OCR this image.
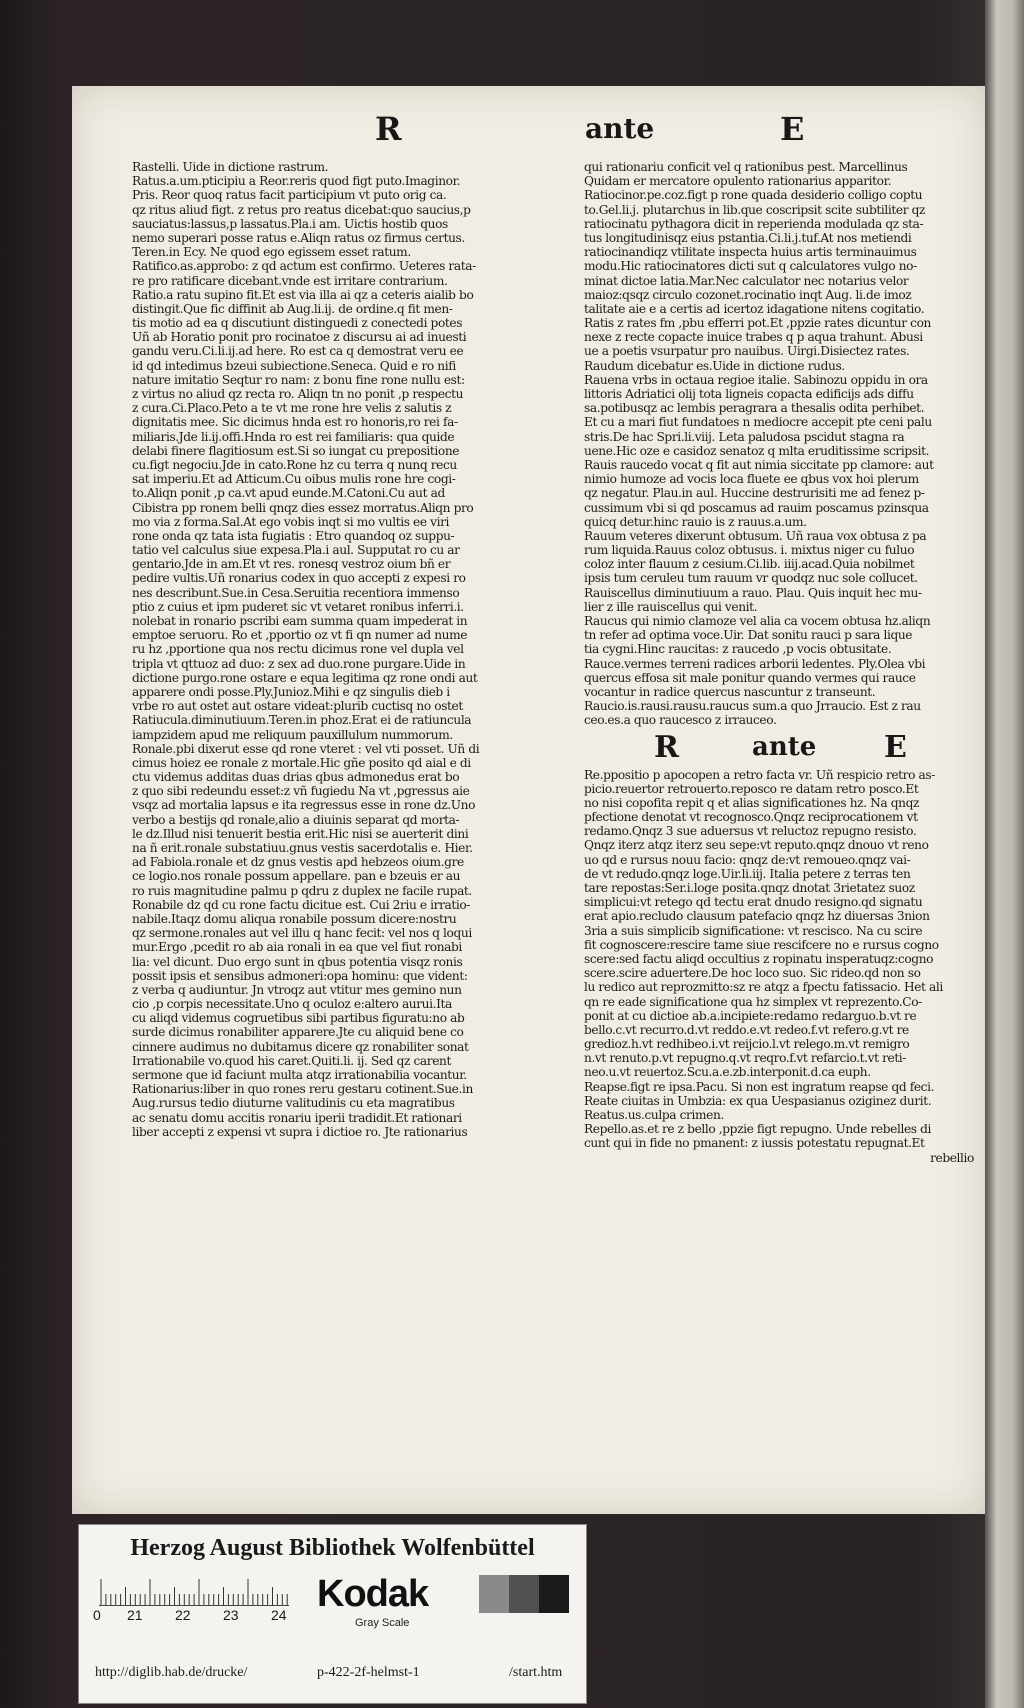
R	ante	E
Rastelli. Uide in dictione rastrum.
Ratus.a.um.pticipiu a Reor.reris quod figt puto.Imaginor.
Pris. Reor quoq ratus facit participium vt puto orig ca.
qz ritus aliud figt. z retus pro reatus dicebat:quo saucius,p
sauciatus:lassus,p lassatus.Pla.i am. Uictis hostib quos
nemo superari posse ratus e.Aliqn ratus oz firmus certus.
Teren.in Ecy. Ne quod ego egissem esset ratum.
Ratifico.as.approbo: z qd actum est confirmo. Ueteres rata-
re pro ratificare dicebant.vnde est irritare contrarium.
Ratio.a ratu supino fit.Et est via illa ai qz a ceteris aialib bo
distingit.Que fic diffinit ab Aug.li.ij. de ordine.q fit men-
tis motio ad ea q discutiunt distinguedi z conectedi potes
Uñ ab Horatio ponit pro rocinatoe z discursu ai ad inuesti
gandu veru.Ci.li.ij.ad here. Ro est ca q demostrat veru ee
id qd intedimus bzeui subiectione.Seneca. Quid e ro nifi
nature imitatio Seqtur ro nam: z bonu fine rone nullu est:
z virtus no aliud qz recta ro. Aliqn tn no ponit ,p respectu
z cura.Ci.Placo.Peto a te vt me rone hre velis z salutis z
dignitatis mee. Sic dicimus hnda est ro honoris,ro rei fa-
miliaris.Jde li.ij.offi.Hnda ro est rei familiaris: qua quide
delabi finere flagitiosum est.Si so iungat cu prepositione
cu.figt negociu.Jde in cato.Rone hz cu terra q nunq recu
sat imperiu.Et ad Atticum.Cu oibus mulis rone hre cogi-
to.Aliqn ponit ,p ca.vt apud eunde.M.Catoni.Cu aut ad
Cibistra pp ronem belli qnqz dies essez morratus.Aliqn pro
mo via z forma.Sal.At ego vobis inqt si mo vultis ee viri
rone onda qz tata ista fugiatis : Etro quandoq oz suppu-
tatio vel calculus siue expesa.Pla.i aul. Supputat ro cu ar
gentario.Jde in am.Et vt res. ronesq vestroz oium bñ er
pedire vultis.Uñ ronarius codex in quo accepti z expesi ro
nes describunt.Sue.in Cesa.Seruitia recentiora immenso
ptio z cuius et ipm puderet sic vt vetaret ronibus inferri.i.
nolebat in ronario pscribi eam summa quam impederat in
emptoe seruoru. Ro et ,pportio oz vt fi qn numer ad nume
ru hz ,pportione qua nos rectu dicimus rone vel dupla vel
tripla vt qttuoz ad duo: z sex ad duo.rone purgare.Uide in
dictione purgo.rone ostare e equa legitima qz rone ondi aut
apparere ondi posse.Ply.Junioz.Mihi e qz singulis dieb i
vrbe ro aut ostet aut ostare videat:plurib cuctisq no ostet
Ratiucula.diminutiuum.Teren.in phoz.Erat ei de ratiuncula
iampzidem apud me reliquum pauxillulum nummorum.
Ronale.pbi dixerut esse qd rone vteret : vel vti posset. Uñ di
cimus hoiez ee ronale z mortale.Hic gñe posito qd aial e di
ctu videmus additas duas drias qbus admonedus erat bo
z quo sibi redeundu esset:z vñ fugiedu Na vt ,pgressus aie
vsqz ad mortalia lapsus e ita regressus esse in rone dz.Uno
verbo a bestijs qd ronale,alio a diuinis separat qd morta-
le dz.Illud nisi tenuerit bestia erit.Hic nisi se auerterit dini
na ñ erit.ronale substatiuu.gnus vestis sacerdotalis e. Hier.
ad Fabiola.ronale et dz gnus vestis apd hebzeos oium.gre
ce logio.nos ronale possum appellare. pan e bzeuis er au
ro ruis magnitudine palmu p qdru z duplex ne facile rupat.
Ronabile dz qd cu rone factu dicitue est. Cui 2riu e irratio-
nabile.Itaqz domu aliqua ronabile possum dicere:nostru
qz sermone.ronales aut vel illu q hanc fecit: vel nos q loqui
mur.Ergo ,pcedit ro ab aia ronali in ea que vel fiut ronabi
lia: vel dicunt. Duo ergo sunt in qbus potentia visqz ronis
possit ipsis et sensibus admoneri:opa hominu: que vident:
z verba q audiuntur. Jn vtroqz aut vtitur mes gemino nun
cio ,p corpis necessitate.Uno q oculoz e:altero aurui.Ita
cu aliqd videmus cogruetibus sibi partibus figuratu:no ab
surde dicimus ronabiliter apparere.Jte cu aliquid bene co
cinnere audimus no dubitamus dicere qz ronabiliter sonat
Irrationabile vo.quod his caret.Quiti.li. ij. Sed qz carent
sermone que id faciunt multa atqz irrationabilia vocantur.
Rationarius:liber in quo rones reru gestaru cotinent.Sue.in
Aug.rursus tedio diuturne valitudinis cu eta magratibus
ac senatu domu accitis ronariu iperii tradidit.Et rationari
liber accepti z expensi vt supra i dictioe ro. Jte rationarius
qui rationariu conficit vel q rationibus pest. Marcellinus
Quidam er mercatore opulento rationarius apparitor.
Ratiocinor.pe.coz.figt p rone quada desiderio colligo coptu
to.Gel.li.j. plutarchus in lib.que coscripsit scite subtiliter qz
ratiocinatu pythagora dicit in reperienda modulada qz sta-
tus longitudinisqz eius pstantia.Ci.li.j.tuf.At nos metiendi
ratiocinandiqz vtilitate inspecta huius artis terminauimus
modu.Hic ratiocinatores dicti sut q calculatores vulgo no-
minat dictoe latia.Mar.Nec calculator nec notarius velor
maioz:qsqz circulo cozonet.rocinatio inqt Aug. li.de imoz
talitate aie e a certis ad icertoz idagatione nitens cogitatio.
Ratis z rates fm ,pbu efferri pot.Et ,ppzie rates dicuntur con
nexe z recte copacte inuice trabes q p aqua trahunt. Abusi
ue a poetis vsurpatur pro nauibus. Uirgi.Disiectez rates.
Raudum dicebatur es.Uide in dictione rudus.
Rauena vrbs in octaua regioe italie. Sabinozu oppidu in ora
littoris Adriatici olij tota ligneis copacta edificijs ads diffu
sa.potibusqz ac lembis peragrara a thesalis odita perhibet.
Et cu a mari fiut fundatoes n mediocre accepit pte ceni palu
stris.De hac Spri.li.viij. Leta paludosa pscidut stagna ra
uene.Hic oze e casidoz senatoz q mlta eruditissime scripsit.
Rauis raucedo vocat q fit aut nimia siccitate pp clamore: aut
nimio humoze ad vocis loca fluete ee qbus vox hoi plerum
qz negatur. Plau.in aul. Huccine destrurisiti me ad fenez p-
cussimum vbi si qd poscamus ad rauim poscamus pzinsqua
quicq detur.hinc rauio is z rauus.a.um.
Rauum veteres dixerunt obtusum. Uñ raua vox obtusa z pa
rum liquida.Rauus coloz obtusus. i. mixtus niger cu fuluo
coloz inter flauum z cesium.Ci.lib. iiij.acad.Quia nobilmet
ipsis tum ceruleu tum rauum vr quodqz nuc sole collucet.
Rauiscellus diminutiuum a rauo. Plau. Quis inquit hec mu-
lier z ille rauiscellus qui venit.
Raucus qui nimio clamoze vel alia ca vocem obtusa hz.aliqn
tn refer ad optima voce.Uir. Dat sonitu rauci p sara lique
tia cygni.Hinc raucitas: z raucedo ,p vocis obtusitate.
Rauce.vermes terreni radices arborii ledentes. Ply.Olea vbi
quercus effosa sit male ponitur quando vermes qui rauce
vocantur in radice quercus nascuntur z transeunt.
Raucio.is.rausi.rausu.raucus sum.a quo Jrraucio. Est z rau
ceo.es.a quo raucesco z irrauceo.
R	ante E
Re.ppositio p apocopen a retro facta vr. Uñ respicio retro as-
picio.reuertor retrouerto.reposco re datam retro posco.Et
no nisi copofita repit q et alias significationes hz. Na qnqz
pfectione denotat vt recognosco.Qnqz reciprocationem vt
redamo.Qnqz 3 sue aduersus vt reluctoz repugno resisto.
Qnqz iterz atqz iterz seu sepe:vt reputo.qnqz dnouo vt reno
uo qd e rursus nouu facio: qnqz de:vt remoueo.qnqz vai-
de vt redudo.qnqz loge.Uir.li.iij. Italia petere z terras ten
tare repostas:Ser.i.loge posita.qnqz dnotat 3rietatez suoz
simplicui:vt retego qd tectu erat dnudo resigno.qd signatu
erat apio.recludo clausum patefacio qnqz hz diuersas 3nion
3ria a suis simplicib significatione: vt rescisco. Na cu scire
fit cognoscere:rescire tame siue rescifcere no e rursus cogno
scere:sed factu aliqd occultius z ropinatu insperatuqz:cogno
scere.scire aduertere.De hoc loco suo. Sic rideo.qd non so
lu redico aut reprozmitto:sz re atqz a fpectu fatissacio. Het ali
qn re eade significatione qua hz simplex vt reprezento.Co-
ponit at cu dictioe ab.a.incipiete:redamo redarguo.b.vt re
bello.c.vt recurro.d.vt reddo.e.vt redeo.f.vt refero.g.vt re
gredioz.h.vt redhibeo.i.vt reijcio.l.vt relego.m.vt remigro
n.vt renuto.p.vt repugno.q.vt reqro.f.vt refarcio.t.vt reti-
neo.u.vt reuertoz.Scu.a.e.zb.interponit.d.ca euph.
Reapse.figt re ipsa.Pacu. Si non est ingratum reapse qd feci.
Reate ciuitas in Umbzia: ex qua Uespasianus oziginez durit.
Reatus.us.culpa crimen.
Repello.as.et re z bello ,ppzie figt repugno. Unde rebelles di
cunt qui in fide no pmanent: z iussis potestatu repugnat.Et
rebellio
Herzog August Bibliothek Wolfenbüttel
0 21 22 23 24 Kodak
Gray Scale
http://diglib.hab.de/drucke/	p-422-2f-helmst-1	/start.htm
